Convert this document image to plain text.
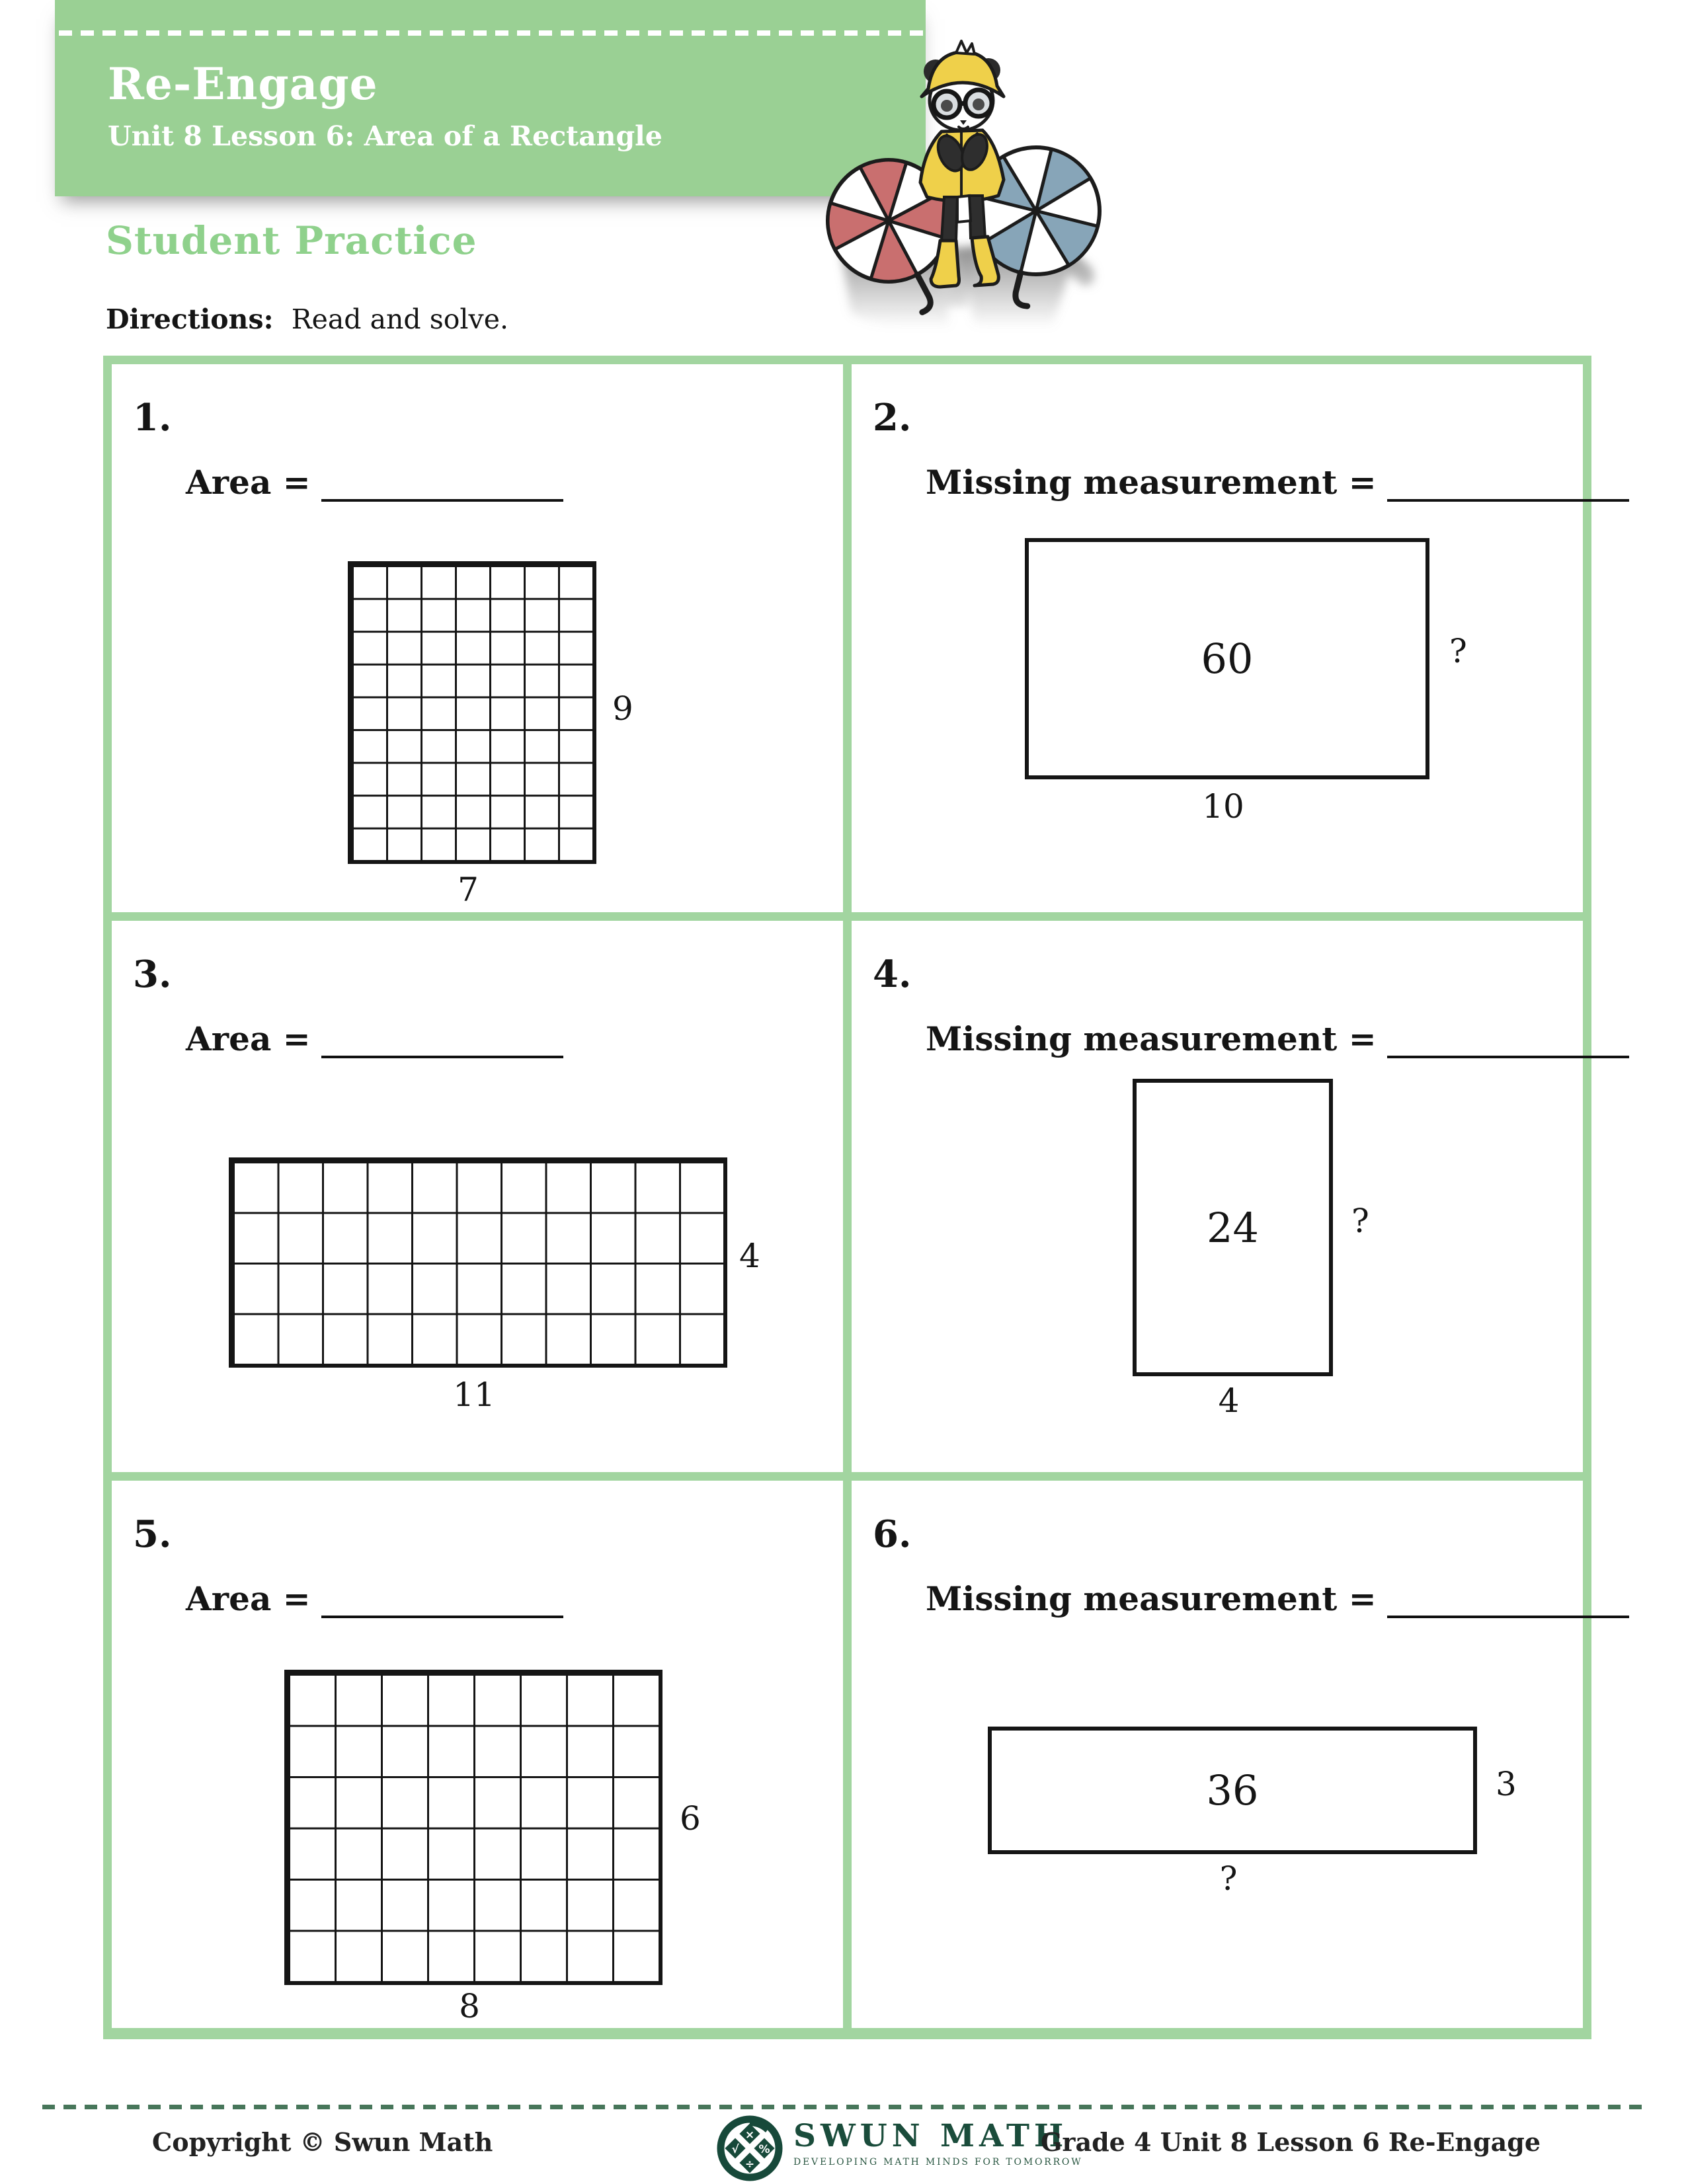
Re-Engage
Unit 8 Lesson 6: Area of a Rectangle
Student Practice

Directions: Read and solve.

1.
Area =
9
7
2.
Missing measurement =
60	?
10
3.
Area =
4
11
4.
Missing measurement =
24	?
4
5.
Area =
6
8
6.
Missing measurement =
36	3
?
Copyright © Swun Math	×
√ %
÷
SWUN MATH
DEVELOPING MATH MINDS FOR TOMORROW
Grade 4 Unit 8 Lesson 6 Re-Engage
